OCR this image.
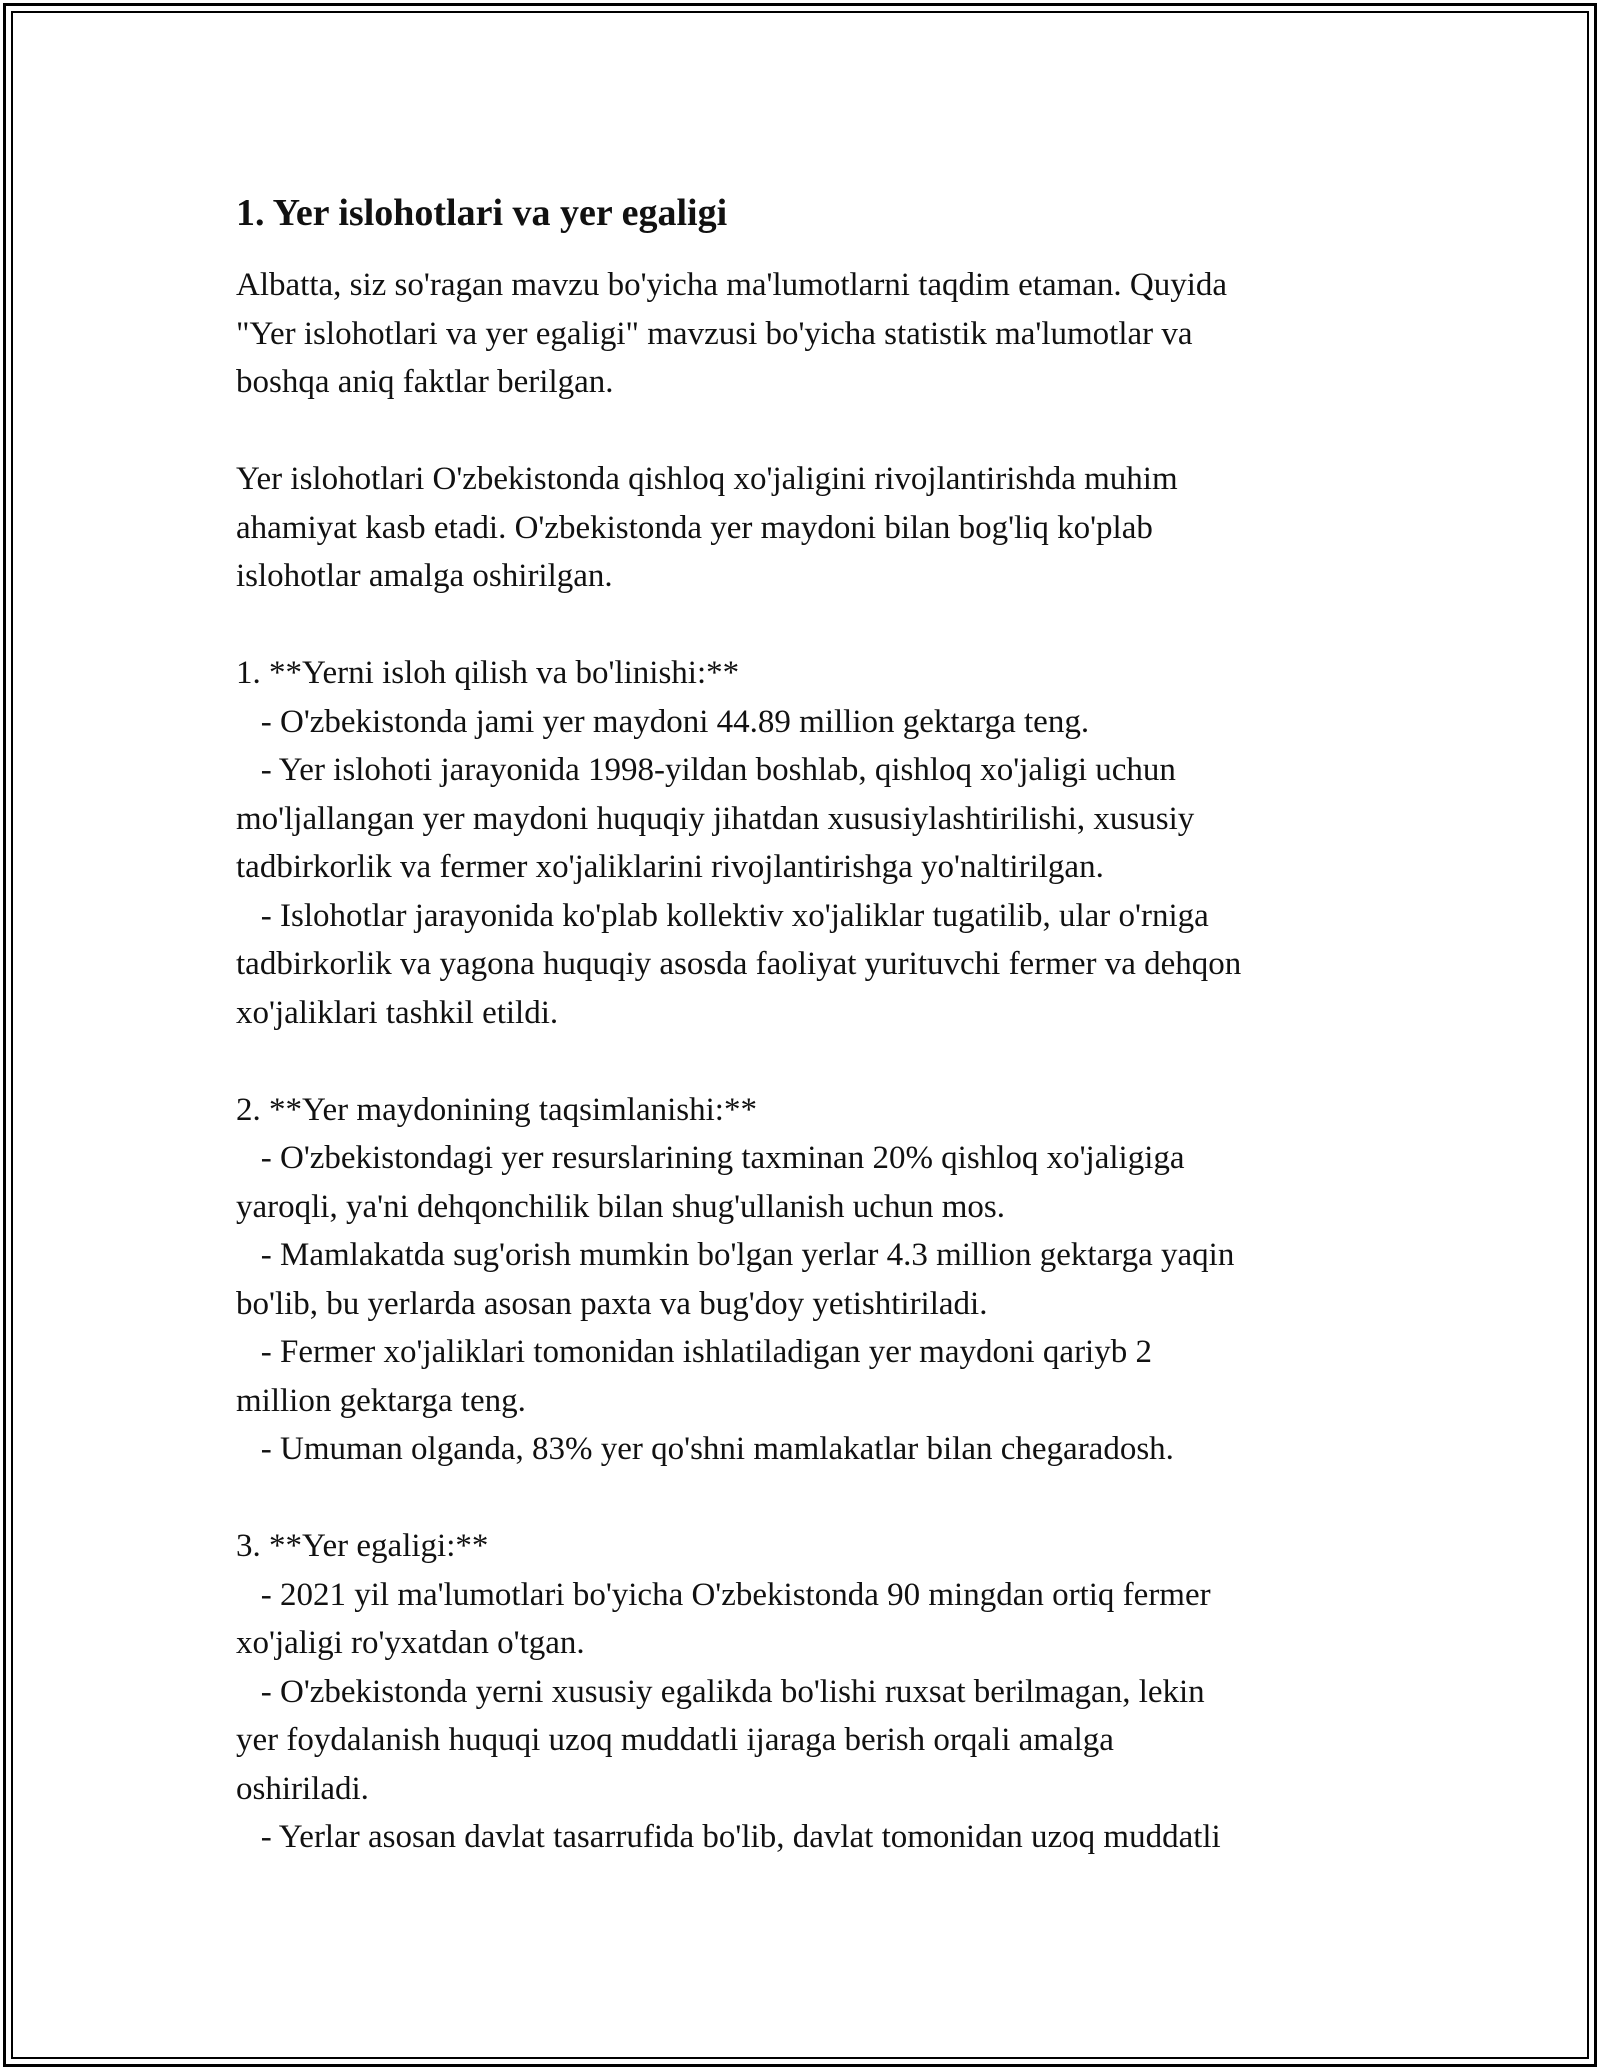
1. Yer islohotlari va yer egaligi
Albatta, siz so'ragan mavzu bo'yicha ma'lumotlarni taqdim etaman. Quyida
"Yer islohotlari va yer egaligi" mavzusi bo'yicha statistik ma'lumotlar va
boshqa aniq faktlar berilgan.
Yer islohotlari O'zbekistonda qishloq xo'jaligini rivojlantirishda muhim
ahamiyat kasb etadi. O'zbekistonda yer maydoni bilan bog'liq ko'plab
islohotlar amalga oshirilgan.
1. **Yerni isloh qilish va bo'linishi:**
- O'zbekistonda jami yer maydoni 44.89 million gektarga teng.
- Yer islohoti jarayonida 1998-yildan boshlab, qishloq xo'jaligi uchun
mo'ljallangan yer maydoni huquqiy jihatdan xususiylashtirilishi, xususiy
tadbirkorlik va fermer xo'jaliklarini rivojlantirishga yo'naltirilgan.
- Islohotlar jarayonida ko'plab kollektiv xo'jaliklar tugatilib, ular o'rniga
tadbirkorlik va yagona huquqiy asosda faoliyat yurituvchi fermer va dehqon
xo'jaliklari tashkil etildi.
2. **Yer maydonining taqsimlanishi:**
- O'zbekistondagi yer resurslarining taxminan 20% qishloq xo'jaligiga
yaroqli, ya'ni dehqonchilik bilan shug'ullanish uchun mos.
- Mamlakatda sug'orish mumkin bo'lgan yerlar 4.3 million gektarga yaqin
bo'lib, bu yerlarda asosan paxta va bug'doy yetishtiriladi.
- Fermer xo'jaliklari tomonidan ishlatiladigan yer maydoni qariyb 2
million gektarga teng.
- Umuman olganda, 83% yer qo'shni mamlakatlar bilan chegaradosh.
3. **Yer egaligi:**
- 2021 yil ma'lumotlari bo'yicha O'zbekistonda 90 mingdan ortiq fermer
xo'jaligi ro'yxatdan o'tgan.
- O'zbekistonda yerni xususiy egalikda bo'lishi ruxsat berilmagan, lekin
yer foydalanish huquqi uzoq muddatli ijaraga berish orqali amalga
oshiriladi.
- Yerlar asosan davlat tasarrufida bo'lib, davlat tomonidan uzoq muddatli
